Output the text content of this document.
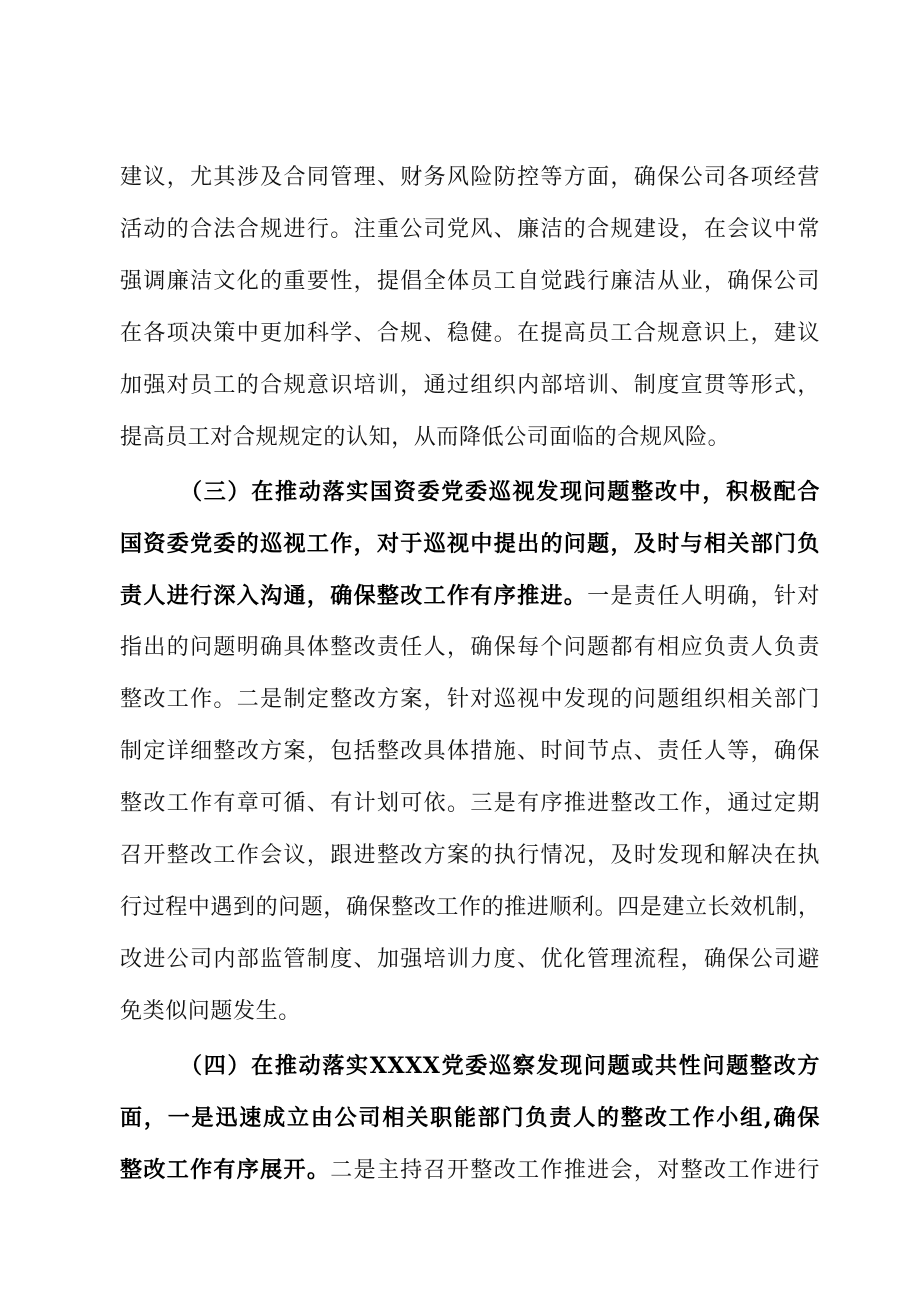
建议，尤其涉及合同管理、财务风险防控等方面，确保公司各项经营
活动的合法合规进行。注重公司党风、廉洁的合规建设，在会议中常
强调廉洁文化的重要性，提倡全体员工自觉践行廉洁从业，确保公司
在各项决策中更加科学、合规、稳健。在提高员工合规意识上，建议
加强对员工的合规意识培训，通过组织内部培训、制度宣贯等形式，
提高员工对合规规定的认知，从而降低公司面临的合规风险。
（三）在推动落实国资委党委巡视发现问题整改中，积极配合
国资委党委的巡视工作，对于巡视中提出的问题，及时与相关部门负
责人进行深入沟通，确保整改工作有序推进。一是责任人明确，针对
指出的问题明确具体整改责任人，确保每个问题都有相应负责人负责
整改工作。二是制定整改方案，针对巡视中发现的问题组织相关部门
制定详细整改方案，包括整改具体措施、时间节点、责任人等，确保
整改工作有章可循、有计划可依。三是有序推进整改工作，通过定期
召开整改工作会议，跟进整改方案的执行情况，及时发现和解决在执
行过程中遇到的问题，确保整改工作的推进顺利。四是建立长效机制，
改进公司内部监管制度、加强培训力度、优化管理流程，确保公司避
免类似问题发生。
（四）在推动落实XXXX党委巡察发现问题或共性问题整改方
面，一是迅速成立由公司相关职能部门负责人的整改工作小组,确保
整改工作有序展开。二是主持召开整改工作推进会，对整改工作进行
